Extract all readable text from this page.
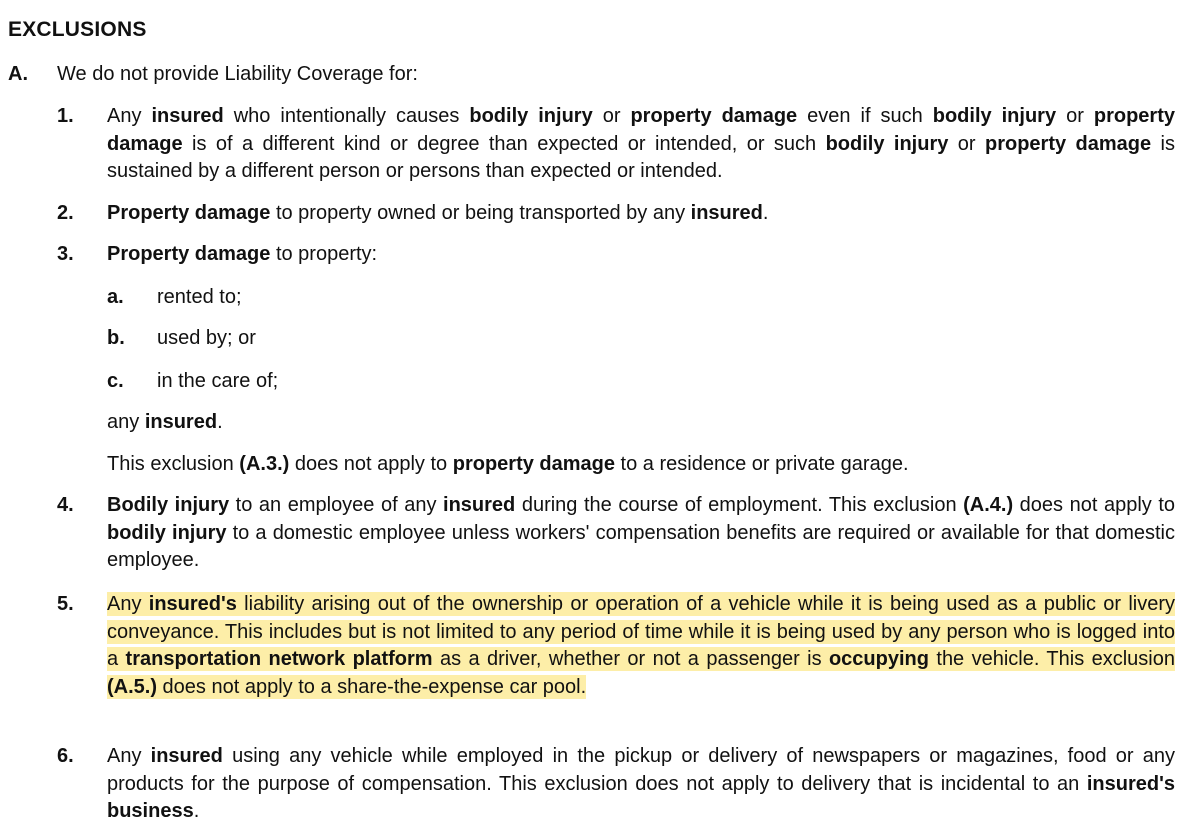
EXCLUSIONS
A. We do not provide Liability Coverage for:
1. Any insured who intentionally causes bodily injury or property damage even if such bodily injury or property damage is of a different kind or degree than expected or intended, or such bodily injury or property damage is sustained by a different person or persons than expected or intended.
2. Property damage to property owned or being transported by any insured.
3. Property damage to property:
a. rented to;
b. used by; or
c. in the care of;
any insured.
This exclusion (A.3.) does not apply to property damage to a residence or private garage.
4. Bodily injury to an employee of any insured during the course of employment. This exclusion (A.4.) does not apply to bodily injury to a domestic employee unless workers' compensation benefits are required or available for that domestic employee.
5. Any insured's liability arising out of the ownership or operation of a vehicle while it is being used as a public or livery conveyance. This includes but is not limited to any period of time while it is being used by any person who is logged into a transportation network platform as a driver, whether or not a passenger is occupying the vehicle. This exclusion (A.5.) does not apply to a share-the-expense car pool.
6. Any insured using any vehicle while employed in the pickup or delivery of newspapers or magazines, food or any products for the purpose of compensation. This exclusion does not apply to delivery that is incidental to an insured's business.
